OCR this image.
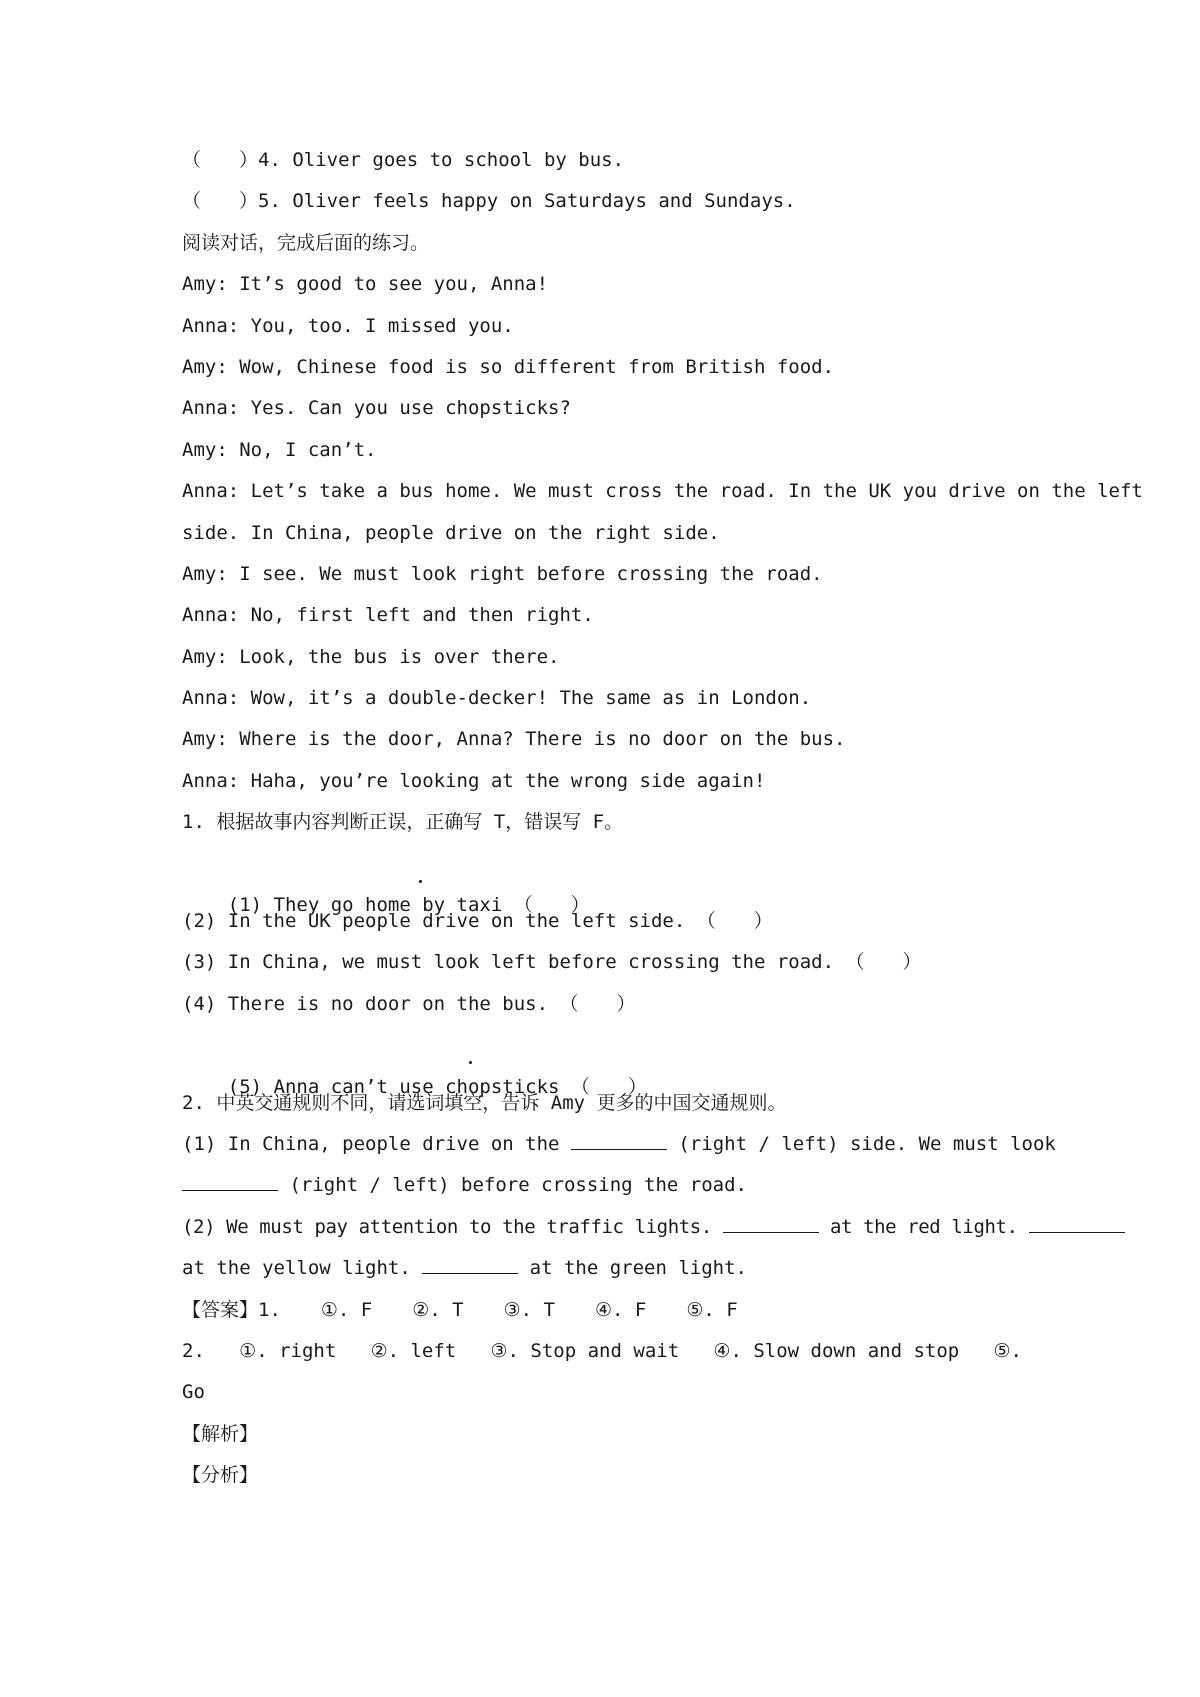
（　　）4. Oliver goes to school by bus.
（　　）5. Oliver feels happy on Saturdays and Sundays.
阅读对话，完成后面的练习。
Amy: It’s good to see you, Anna!
Anna: You, too. I missed you.
Amy: Wow, Chinese food is so different from British food.
Anna: Yes. Can you use chopsticks?
Amy: No, I can’t.
Anna: Let’s take a bus home. We must cross the road. In the UK you drive on the left
side. In China, people drive on the right side.
Amy: I see. We must look right before crossing the road.
Anna: No, first left and then right.
Amy: Look, the bus is over there.
Anna: Wow, it’s a double-decker! The same as in London.
Amy: Where is the door, Anna? There is no door on the bus.
Anna: Haha, you’re looking at the wrong side again!
1. 根据故事内容判断正误，正确写 T，错误写 F。

(1) They go home by taxi （　　）

(2) In the UK people drive on the left side. （　　）
(3) In China, we must look left before crossing the road. （　　）
(4) There is no door on the bus. （　　）

(5) Anna can’t use chopsticks （　　）

2. 中英交通规则不同，请选词填空，告诉 Amy 更多的中国交通规则。
(1) In China, people drive on the	(right / left) side. We must look
(right / left) before crossing the road.
(2) We must pay attention to the traffic lights.	at the red light.
at the yellow light.	at the green light.
【答案】1. ①. F ②. T ③. T ④. F ⑤. F
2. ①. right ②. left ③. Stop and wait ④. Slow down and stop ⑤.
Go
【解析】
【分析】
